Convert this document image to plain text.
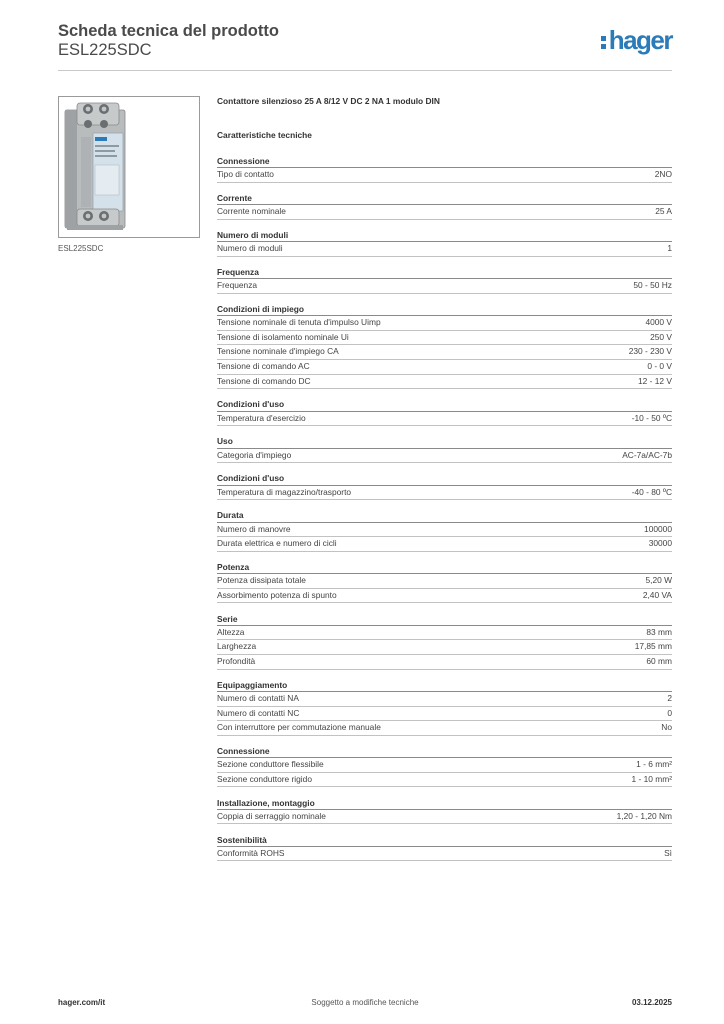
Scheda tecnica del prodotto
ESL225SDC	hager
ESL225SDC
Contattore silenzioso 25 A 8/12 V DC 2 NA 1 modulo DIN
Caratteristiche tecniche
Connessione
Tipo di contatto	2NO
Corrente
Corrente nominale	25 A
Numero di moduli
Numero di moduli	1
Frequenza
Frequenza	50 - 50 Hz
Condizioni di impiego
Tensione nominale di tenuta d'impulso Uimp	4000 V
Tensione di isolamento nominale Ui	250 V
Tensione nominale d'impiego CA	230 - 230 V
Tensione di comando AC	0 - 0 V
Tensione di comando DC	12 - 12 V
Condizioni d'uso
Temperatura d'esercizio	-10 - 50 ºC
Uso
Categoria d'impiego	AC-7a/AC-7b
Condizioni d'uso
Temperatura di magazzino/trasporto	-40 - 80 ºC
Durata
Numero di manovre	100000
Durata elettrica e numero di cicli	30000
Potenza
Potenza dissipata totale	5,20 W
Assorbimento potenza di spunto	2,40 VA
Serie
Altezza	83 mm
Larghezza	17,85 mm
Profondità	60 mm
Equipaggiamento
Numero di contatti NA	2
Numero di contatti NC	0
Con interruttore per commutazione manuale	No
Connessione
Sezione conduttore flessibile	1 - 6 mm²
Sezione conduttore rigido	1 - 10 mm²
Installazione, montaggio
Coppia di serraggio nominale	1,20 - 1,20 Nm
Sostenibilità
Conformità ROHS	Sì
hager.com/it	Soggetto a modifiche tecniche	03.12.2025
